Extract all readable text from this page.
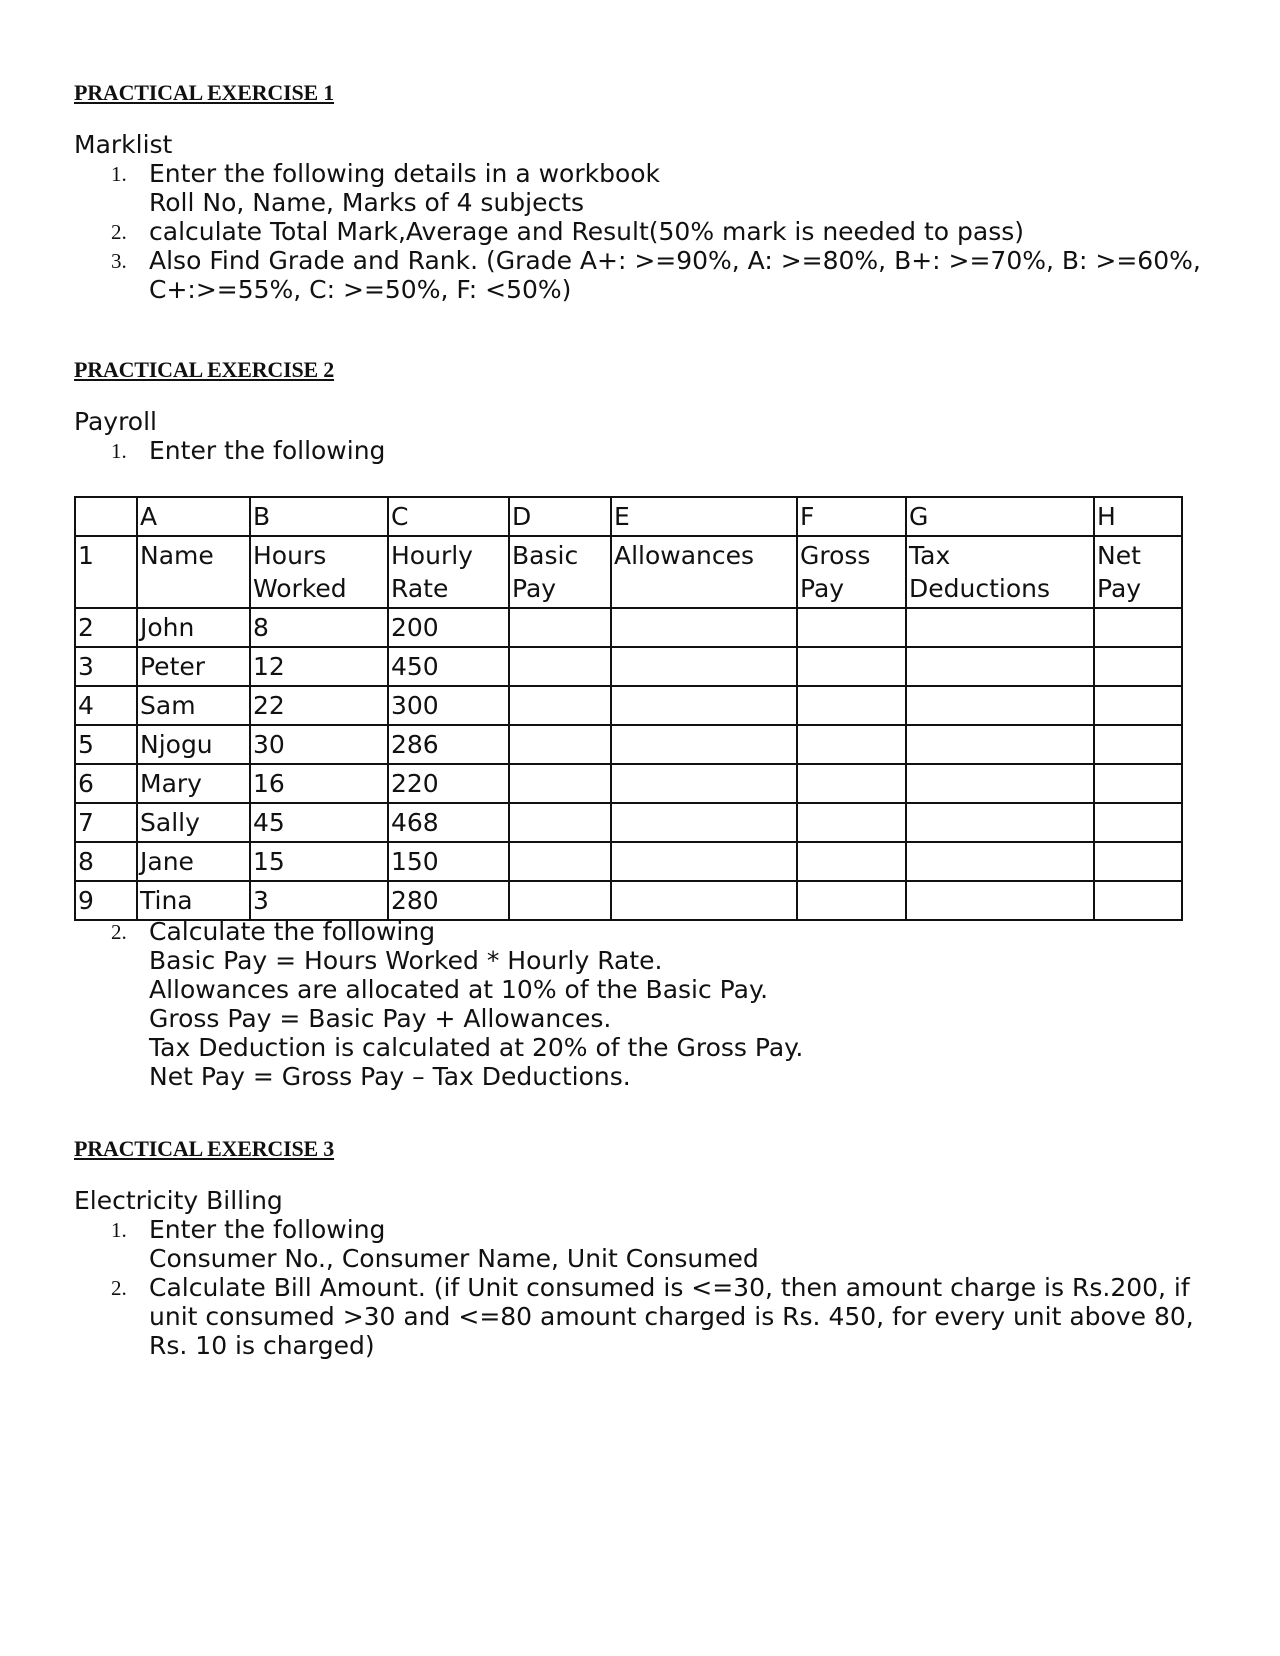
PRACTICAL EXERCISE 1
Marklist
1. Enter the following details in a workbook
Roll No, Name, Marks of 4 subjects
2. calculate Total Mark,Average and Result(50% mark is needed to pass)
3. Also Find Grade and Rank. (Grade A+: >=90%, A: >=80%, B+: >=70%, B: >=60%,
C+:>=55%, C: >=50%, F: <50%)
PRACTICAL EXERCISE 2
Payroll
1. Enter the following
	A	B	C	D	E	F	G	H
1	Name	Hours Worked	Hourly Rate	Basic Pay	Allowances	Gross Pay	Tax Deductions	Net Pay
2	John	8	200					
3	Peter	12	450					
4	Sam	22	300					
5	Njogu	30	286					
6	Mary	16	220					
7	Sally	45	468					
8	Jane	15	150					
9	Tina	3	280					
2. Calculate the following
Basic Pay = Hours Worked * Hourly Rate.
Allowances are allocated at 10% of the Basic Pay.
Gross Pay = Basic Pay + Allowances.
Tax Deduction is calculated at 20% of the Gross Pay.
Net Pay = Gross Pay – Tax Deductions.
PRACTICAL EXERCISE 3
Electricity Billing
1. Enter the following
Consumer No., Consumer Name, Unit Consumed
2. Calculate Bill Amount. (if Unit consumed is <=30, then amount charge is Rs.200, if
unit consumed >30 and <=80 amount charged is Rs. 450, for every unit above 80,
Rs. 10 is charged)
